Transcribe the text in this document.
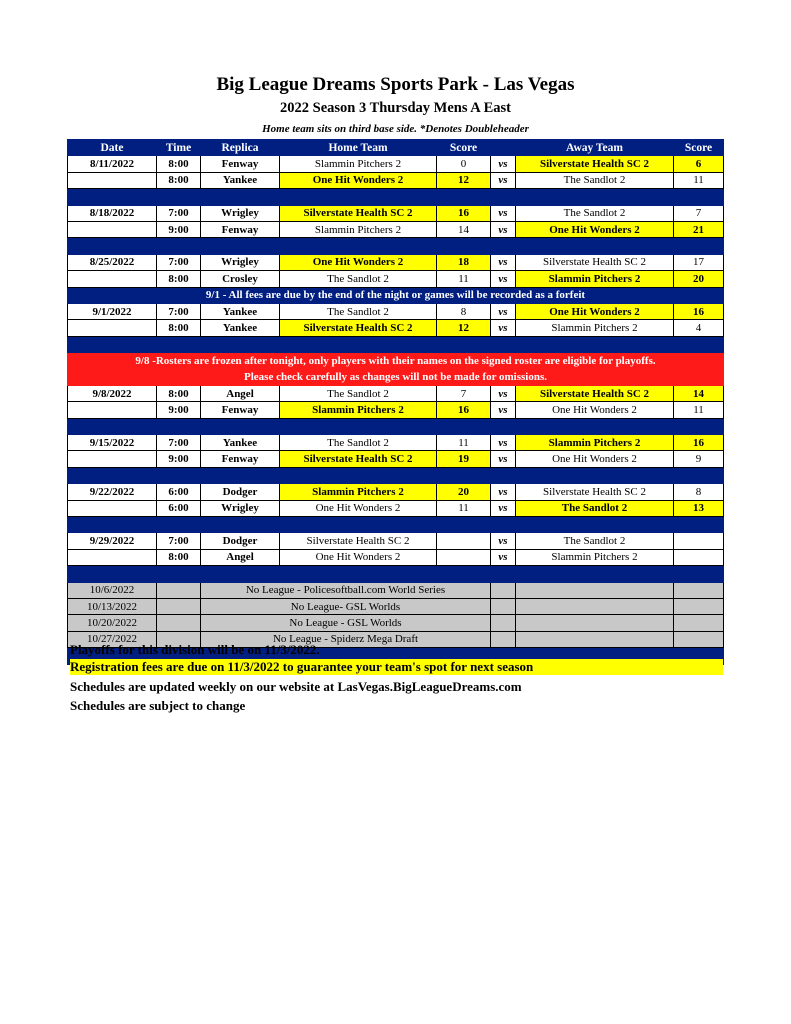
Big League Dreams Sports Park - Las Vegas
2022 Season 3 Thursday Mens A East
Home team sits on third base side. *Denotes Doubleheader
Date	Time	Replica	Home Team	Score		Away Team	Score
8/11/2022	8:00	Fenway	Slammin Pitchers 2	0	vs	Silverstate Health SC 2	6
	8:00	Yankee	One Hit Wonders 2	12	vs	The Sandlot 2	11

8/18/2022	7:00	Wrigley	Silverstate Health SC 2	16	vs	The Sandlot 2	7
	9:00	Fenway	Slammin Pitchers 2	14	vs	One Hit Wonders 2	21

8/25/2022	7:00	Wrigley	One Hit Wonders 2	18	vs	Silverstate Health SC 2	17
	8:00	Crosley	The Sandlot 2	11	vs	Slammin Pitchers 2	20
9/1 - All fees are due by the end of the night or games will be recorded as a forfeit							
9/1/2022	7:00	Yankee	The Sandlot 2	8	vs	One Hit Wonders 2	16
	8:00	Yankee	Silverstate Health SC 2	12	vs	Slammin Pitchers 2	4

9/8 -Rosters are frozen after tonight, only players with their names on the signed roster are eligible for playoffs.							
Please check carefully as changes will not be made for omissions.							
9/8/2022	8:00	Angel	The Sandlot 2	7	vs	Silverstate Health SC 2	14
	9:00	Fenway	Slammin Pitchers 2	16	vs	One Hit Wonders 2	11

9/15/2022	7:00	Yankee	The Sandlot 2	11	vs	Slammin Pitchers 2	16
	9:00	Fenway	Silverstate Health SC 2	19	vs	One Hit Wonders 2	9

9/22/2022	6:00	Dodger	Slammin Pitchers 2	20	vs	Silverstate Health SC 2	8
	6:00	Wrigley	One Hit Wonders 2	11	vs	The Sandlot 2	13

9/29/2022	7:00	Dodger	Silverstate Health SC 2		vs	The Sandlot 2	
	8:00	Angel	One Hit Wonders 2		vs	Slammin Pitchers 2	

10/6/2022		No League - Policesoftball.com World Series					
10/13/2022		No League- GSL Worlds					
10/20/2022		No League - GSL Worlds					
10/27/2022		No League - Spiderz Mega Draft					

Playoffs for this division will be on 11/3/2022.
Registration fees are due on 11/3/2022 to guarantee your team's spot for next season
Schedules are updated weekly on our website at LasVegas.BigLeagueDreams.com
Schedules are subject to change
